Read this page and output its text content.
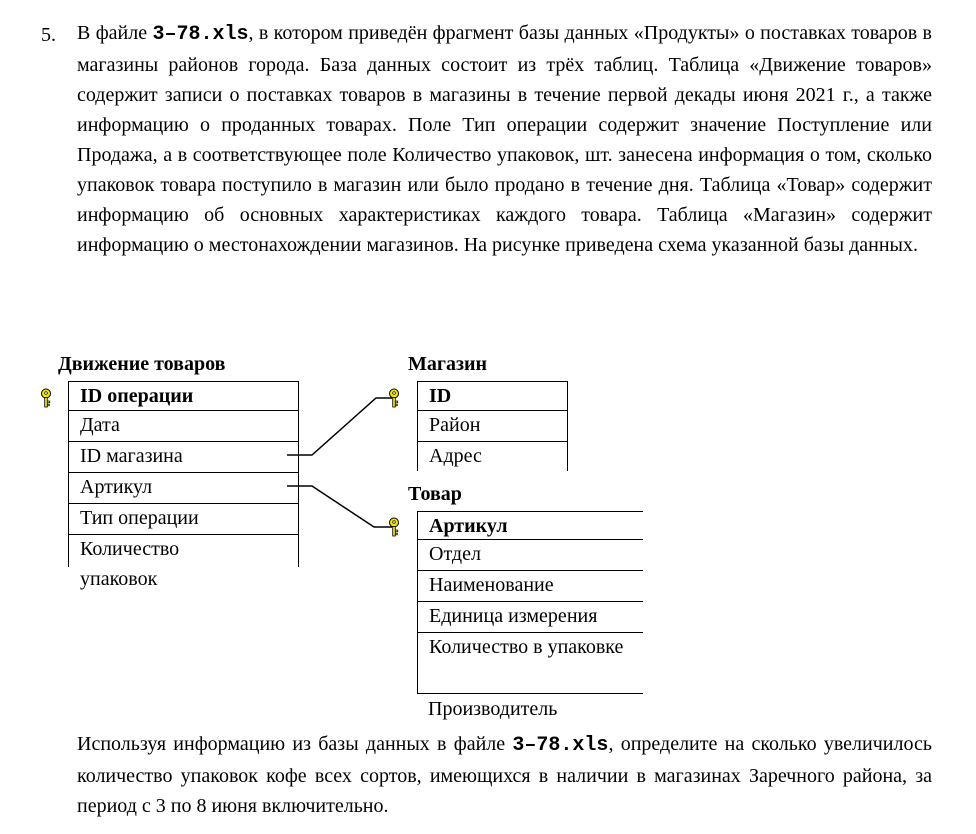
5. В файле 3–78.xls, в котором приведён фрагмент базы данных «Продукты» о поставках товаров в магазины районов города. База данных состоит из трёх таблиц. Таблица «Движение товаров» содержит записи о поставках товаров в магазины в течение первой декады июня 2021 г., а также информацию о проданных товарах. Поле Тип операции содержит значение Поступление или Продажа, а в соответствующее поле Количество упаковок, шт. занесена информация о том, сколько упаковок товара поступило в магазин или было продано в течение дня. Таблица «Товар» содержит информацию об основных характеристиках каждого товара. Таблица «Магазин» содержит информацию о местонахождении магазинов. На рисунке приведена схема указанной базы данных.
Движение товаров
ID операции
Дата
ID магазина
Артикул
Тип операции
Количество
упаковок
Магазин
ID
Район
Адрес
Товар
Артикул
Отдел
Наименование
Единица измерения
Количество в упаковке
Производитель
Используя информацию из базы данных в файле 3–78.xls, определите на сколько увеличилось количество упаковок кофе всех сортов, имеющихся в наличии в магазинах Заречного района, за период с 3 по 8 июня включительно.
